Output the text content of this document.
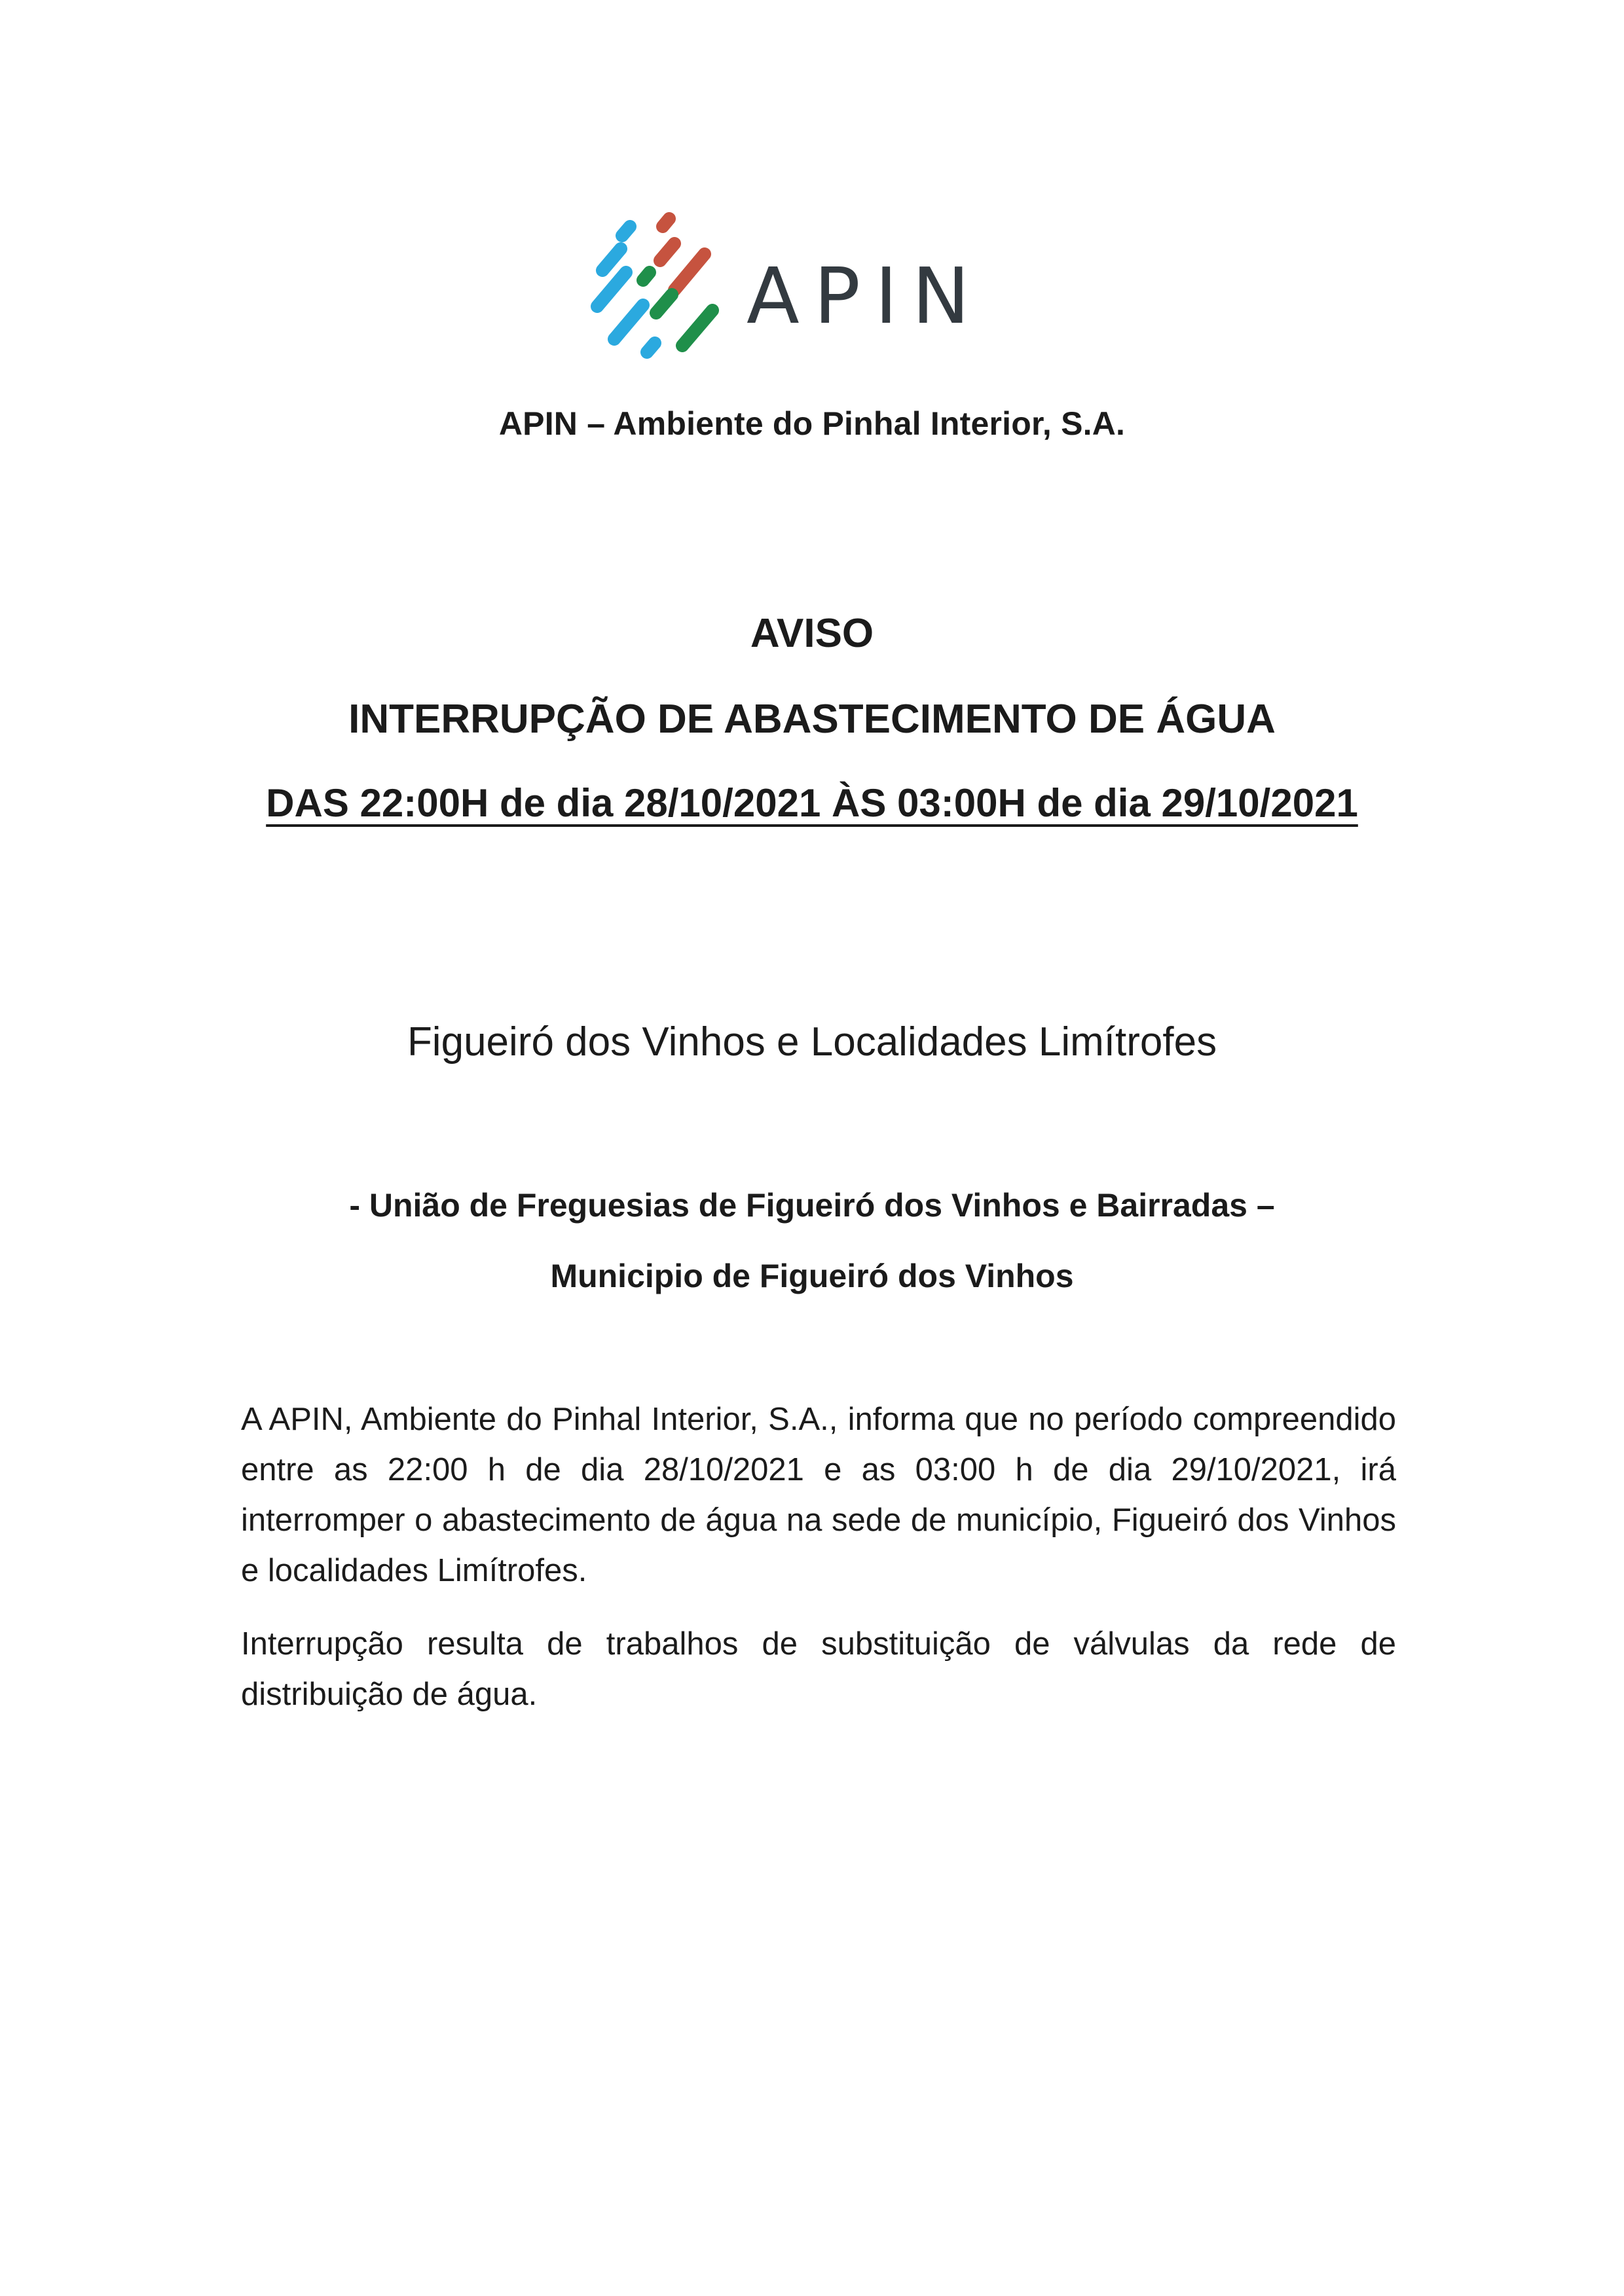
APIN
APIN – Ambiente do Pinhal Interior, S.A.
AVISO
INTERRUPÇÃO DE ABASTECIMENTO DE ÁGUA
DAS 22:00H de dia 28/10/2021 ÀS 03:00H de dia 29/10/2021
Figueiró dos Vinhos e Localidades Limítrofes
- União de Freguesias de Figueiró dos Vinhos e Bairradas –
Municipio de Figueiró dos Vinhos

A APIN, Ambiente do Pinhal Interior, S.A., informa que no período compreendido entre as 22:00 h de dia 28/10/2021 e as 03:00 h de dia 29/10/2021, irá interromper o abastecimento de água na sede de município, Figueiró dos Vinhos e localidades Limítrofes.

Interrupção resulta de trabalhos de substituição de válvulas da rede de distribuição de água.
